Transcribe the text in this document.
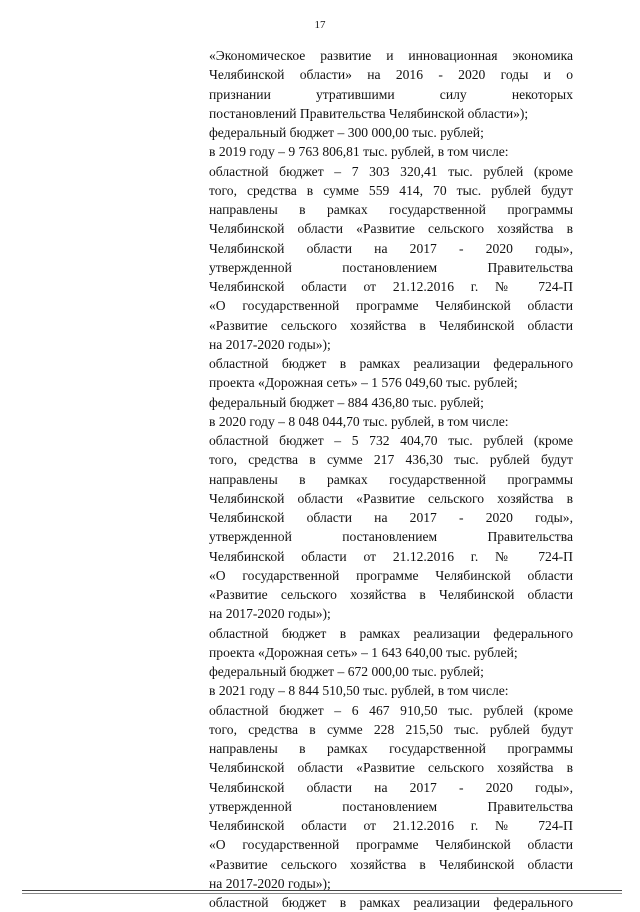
17
«Экономическое развитие и инновационная экономика
Челябинской области» на 2016 - 2020 годы и о
признании утратившими силу некоторых
постановлений Правительства Челябинской области»);
федеральный бюджет – 300 000,00 тыс. рублей;
в 2019 году – 9 763 806,81 тыс. рублей, в том числе:
областной бюджет – 7 303 320,41 тыс. рублей (кроме
того, средства в сумме 559 414, 70 тыс. рублей будут
направлены в рамках государственной программы
Челябинской области «Развитие сельского хозяйства в
Челябинской области на 2017 - 2020 годы»,
утвержденной постановлением Правительства
Челябинской области от 21.12.2016 г. № 724-П
«О государственной программе Челябинской области
«Развитие сельского хозяйства в Челябинской области
на 2017-2020 годы»);
областной бюджет в рамках реализации федерального
проекта «Дорожная сеть» – 1 576 049,60 тыс. рублей;
федеральный бюджет – 884 436,80 тыс. рублей;
в 2020 году – 8 048 044,70 тыс. рублей, в том числе:
областной бюджет – 5 732 404,70 тыс. рублей (кроме
того, средства в сумме 217 436,30 тыс. рублей будут
направлены в рамках государственной программы
Челябинской области «Развитие сельского хозяйства в
Челябинской области на 2017 - 2020 годы»,
утвержденной постановлением Правительства
Челябинской области от 21.12.2016 г. № 724-П
«О государственной программе Челябинской области
«Развитие сельского хозяйства в Челябинской области
на 2017-2020 годы»);
областной бюджет в рамках реализации федерального
проекта «Дорожная сеть» – 1 643 640,00 тыс. рублей;
федеральный бюджет – 672 000,00 тыс. рублей;
в 2021 году – 8 844 510,50 тыс. рублей, в том числе:
областной бюджет – 6 467 910,50 тыс. рублей (кроме
того, средства в сумме 228 215,50 тыс. рублей будут
направлены в рамках государственной программы
Челябинской области «Развитие сельского хозяйства в
Челябинской области на 2017 - 2020 годы»,
утвержденной постановлением Правительства
Челябинской области от 21.12.2016 г. № 724-П
«О государственной программе Челябинской области
«Развитие сельского хозяйства в Челябинской области
на 2017-2020 годы»);
областной бюджет в рамках реализации федерального
